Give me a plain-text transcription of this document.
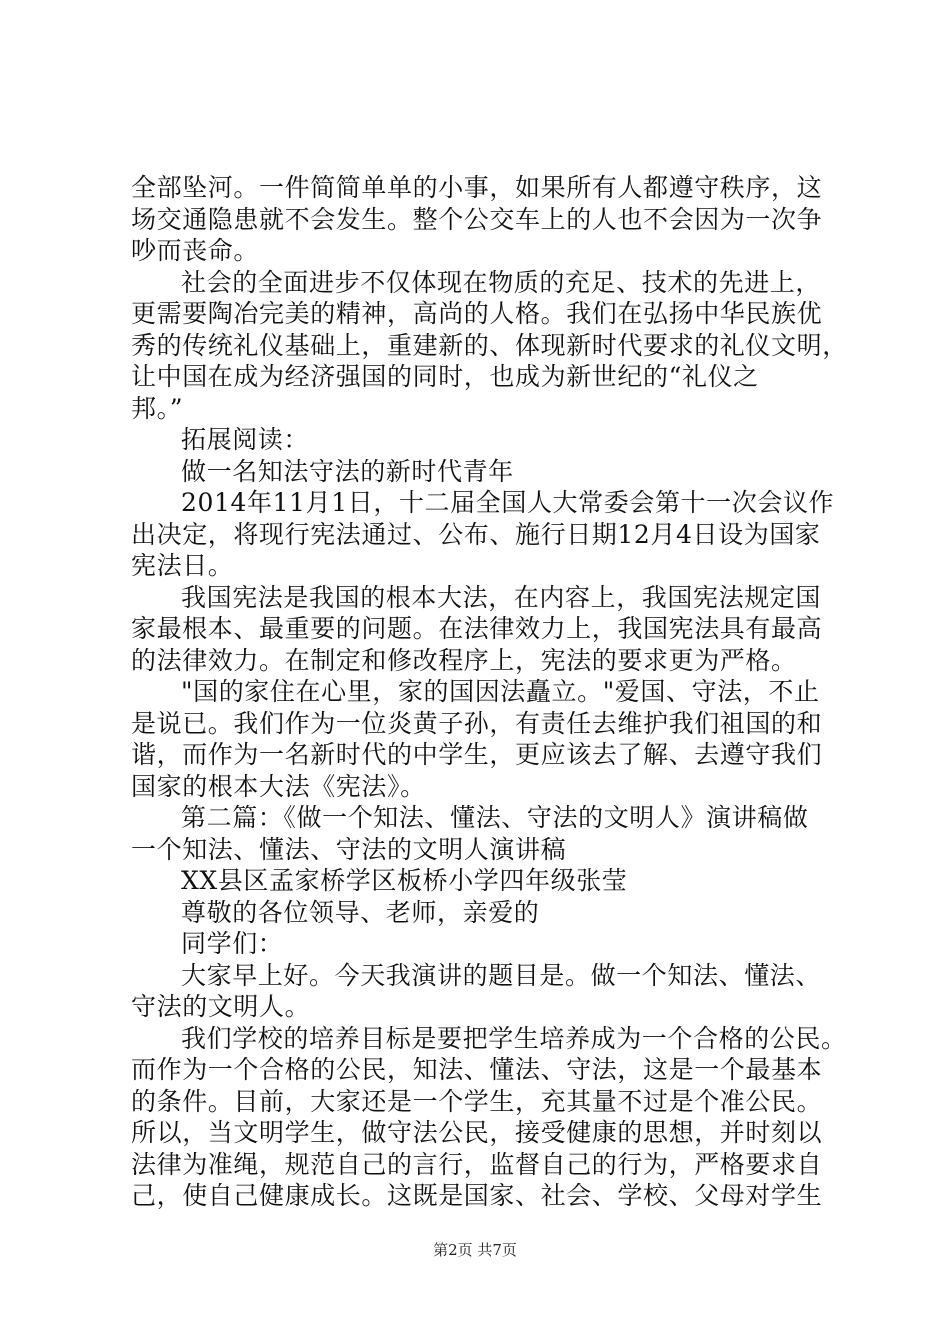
全部坠河。一件简简单单的小事，如果所有人都遵守秩序，这
场交通隐患就不会发生。整个公交车上的人也不会因为一次争
吵而丧命。
社会的全面进步不仅体现在物质的充足、技术的先进上，
更需要陶冶完美的精神，高尚的人格。我们在弘扬中华民族优
秀的传统礼仪基础上，重建新的、体现新时代要求的礼仪文明，
让中国在成为经济强国的同时，也成为新世纪的“礼仪之
邦。”
拓展阅读：
做一名知法守法的新时代青年
2014年11月1日，十二届全国人大常委会第十一次会议作
出决定，将现行宪法通过、公布、施行日期12月4日设为国家
宪法日。
我国宪法是我国的根本大法，在内容上，我国宪法规定国
家最根本、最重要的问题。在法律效力上，我国宪法具有最高
的法律效力。在制定和修改程序上，宪法的要求更为严格。
"国的家住在心里，家的国因法矗立。"爱国、守法，不止
是说已。我们作为一位炎黄子孙，有责任去维护我们祖国的和
谐，而作为一名新时代的中学生，更应该去了解、去遵守我们
国家的根本大法《宪法》。
第二篇：《做一个知法、懂法、守法的文明人》演讲稿做
一个知法、懂法、守法的文明人演讲稿
XX县区孟家桥学区板桥小学四年级张莹
尊敬的各位领导、老师，亲爱的
同学们：
大家早上好。今天我演讲的题目是。做一个知法、懂法、
守法的文明人。
我们学校的培养目标是要把学生培养成为一个合格的公民。
而作为一个合格的公民，知法、懂法、守法，这是一个最基本
的条件。目前，大家还是一个学生，充其量不过是个准公民。
所以，当文明学生，做守法公民，接受健康的思想，并时刻以
法律为准绳，规范自己的言行，监督自己的行为，严格要求自
己，使自己健康成长。这既是国家、社会、学校、父母对学生
第2页 共7页
